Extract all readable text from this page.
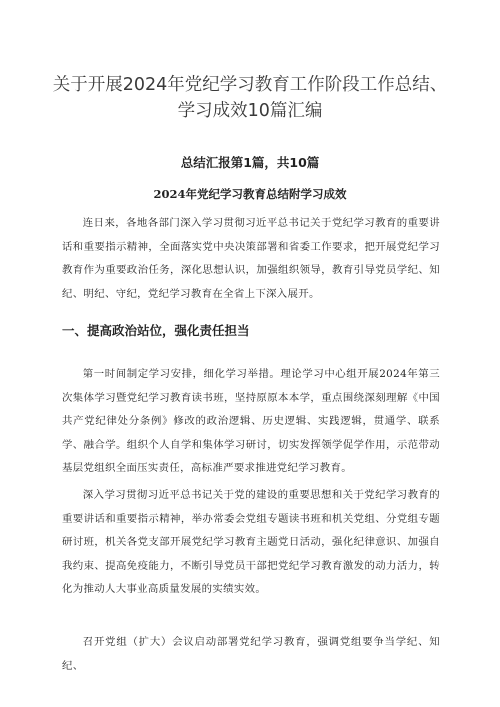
关于开展2024年党纪学习教育工作阶段工作总结、
学习成效10篇汇编
总结汇报第1篇，共10篇
2024年党纪学习教育总结附学习成效

连日来，各地各部门深入学习贯彻习近平总书记关于党纪学习教育的重要讲话和重要指示精神，全面落实党中央决策部署和省委工作要求，把开展党纪学习教育作为重要政治任务，深化思想认识，加强组织领导，教育引导党员学纪、知纪、明纪、守纪，党纪学习教育在全省上下深入展开。

一、提高政治站位，强化责任担当

第一时间制定学习安排，细化学习举措。理论学习中心组开展2024年第三次集体学习暨党纪学习教育读书班，坚持原原本本学，重点围绕深刻理解《中国共产党纪律处分条例》修改的政治逻辑、历史逻辑、实践逻辑，贯通学、联系学、融合学。组织个人自学和集体学习研讨，切实发挥领学促学作用，示范带动基层党组织全面压实责任，高标准严要求推进党纪学习教育。

深入学习贯彻习近平总书记关于党的建设的重要思想和关于党纪学习教育的重要讲话和重要指示精神，举办常委会党组专题读书班和机关党组、分党组专题研讨班，机关各党支部开展党纪学习教育主题党日活动，强化纪律意识、加强自我约束、提高免疫能力，不断引导党员干部把党纪学习教育激发的动力活力，转化为推动人大事业高质量发展的实绩实效。

召开党组（扩大）会议启动部署党纪学习教育，强调党组要争当学纪、知纪、
